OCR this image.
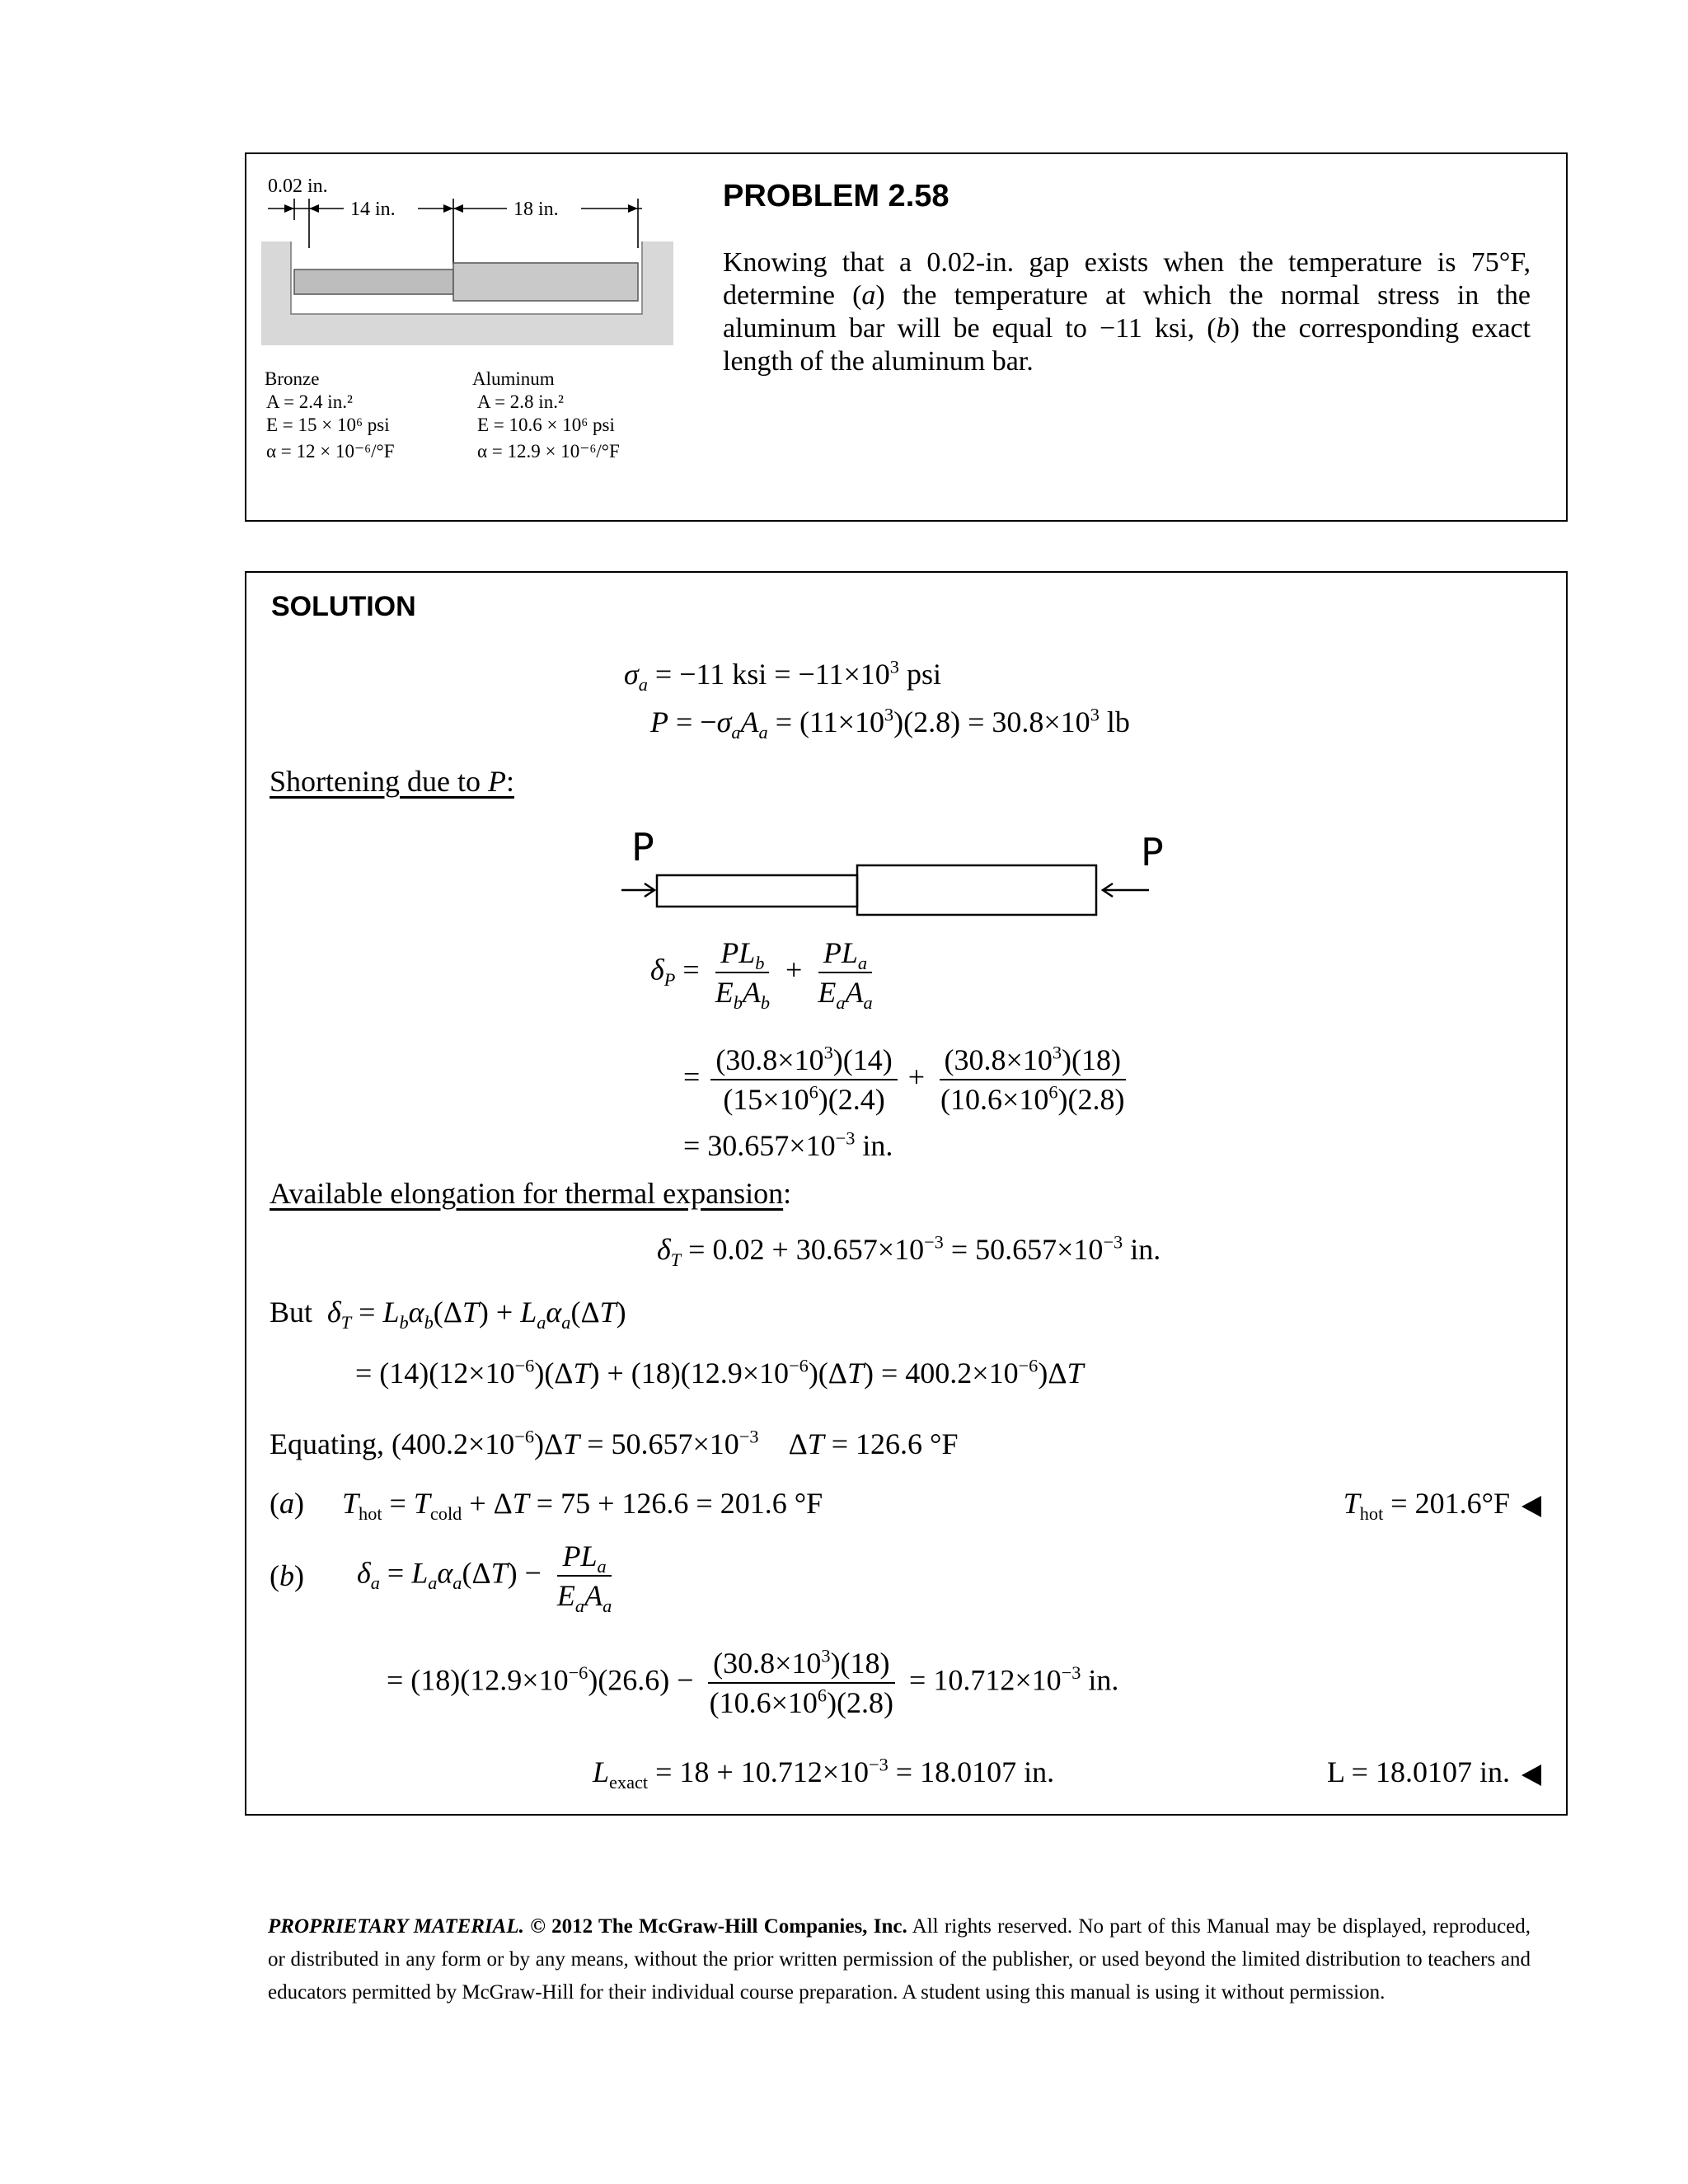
0.02 in.
14 in.	18 in.
Bronze
A = 2.4 in.²
E = 15 × 10⁶ psi
α = 12 × 10⁻⁶/°F
Aluminum
A = 2.8 in.²
E = 10.6 × 10⁶ psi
α = 12.9 × 10⁻⁶/°F
PROBLEM 2.58
Knowing that a 0.02-in. gap exists when the temperature is 75°F, determine (a) the temperature at which the normal stress in the aluminum bar will be equal to −11 ksi, (b) the corresponding exact length of the aluminum bar.
SOLUTION
$\sigma_a = -11$ ksi = $-11\times 10^3$ psi
$P = -\sigma_aA_a = (11\times 10^3)(2.8) = 30.8\times 10^3$ lb
Shortening due to P:
P	P
$\delta_P = \frac{PL_b}{E_bA_b} + \frac{PL_a}{E_aA_a}$
= $\frac{(30.8\times 10^3)(14)}{(15\times 10^6)(2.4)} + \frac{(30.8\times 10^3)(18)}{(10.6\times 10^6)(2.8)}$
= $30.657\times 10^{-3}$ in.
Available elongation for thermal expansion:
$\delta_T = 0.02 + 30.657\times 10^{-3} = 50.657\times 10^{-3}$ in.
But $\delta_T = L_b\alpha_b(\Delta T) + L_a\alpha_a(\Delta T)$
= $(14)(12\times 10^{-6})(\Delta T) + (18)(12.9\times 10^{-6})(\Delta T) = 400.2\times 10^{-6})\Delta T$
Equating, $(400.2\times 10^{-6})\Delta T = 50.657\times 10^{-3}$    ΔT = 126.6 °F
(a) $T_{hot} = T_{cold} + \Delta T = 75 + 126.6 = 201.6$ °F	$T_{hot} = 201.6^\circ F$
(b) $\delta_a = L_a\alpha_a(\Delta T) - \frac{PL_a}{E_aA_a}$
= $(18)(12.9\times 10^{-6})(26.6) - \frac{(30.8\times 10^3)(18)}{(10.6\times 10^6)(2.8)} = 10.712\times 10^{-3}$ in.
$L_{exact} = 18 + 10.712\times 10^{-3} = 18.0107$ in.	L = 18.0107 in.
PROPRIETARY MATERIAL. © 2012 The McGraw-Hill Companies, Inc. All rights reserved. No part of this Manual may be displayed, reproduced, or distributed in any form or by any means, without the prior written permission of the publisher, or used beyond the limited distribution to teachers and educators permitted by McGraw-Hill for their individual course preparation. A student using this manual is using it without permission.
